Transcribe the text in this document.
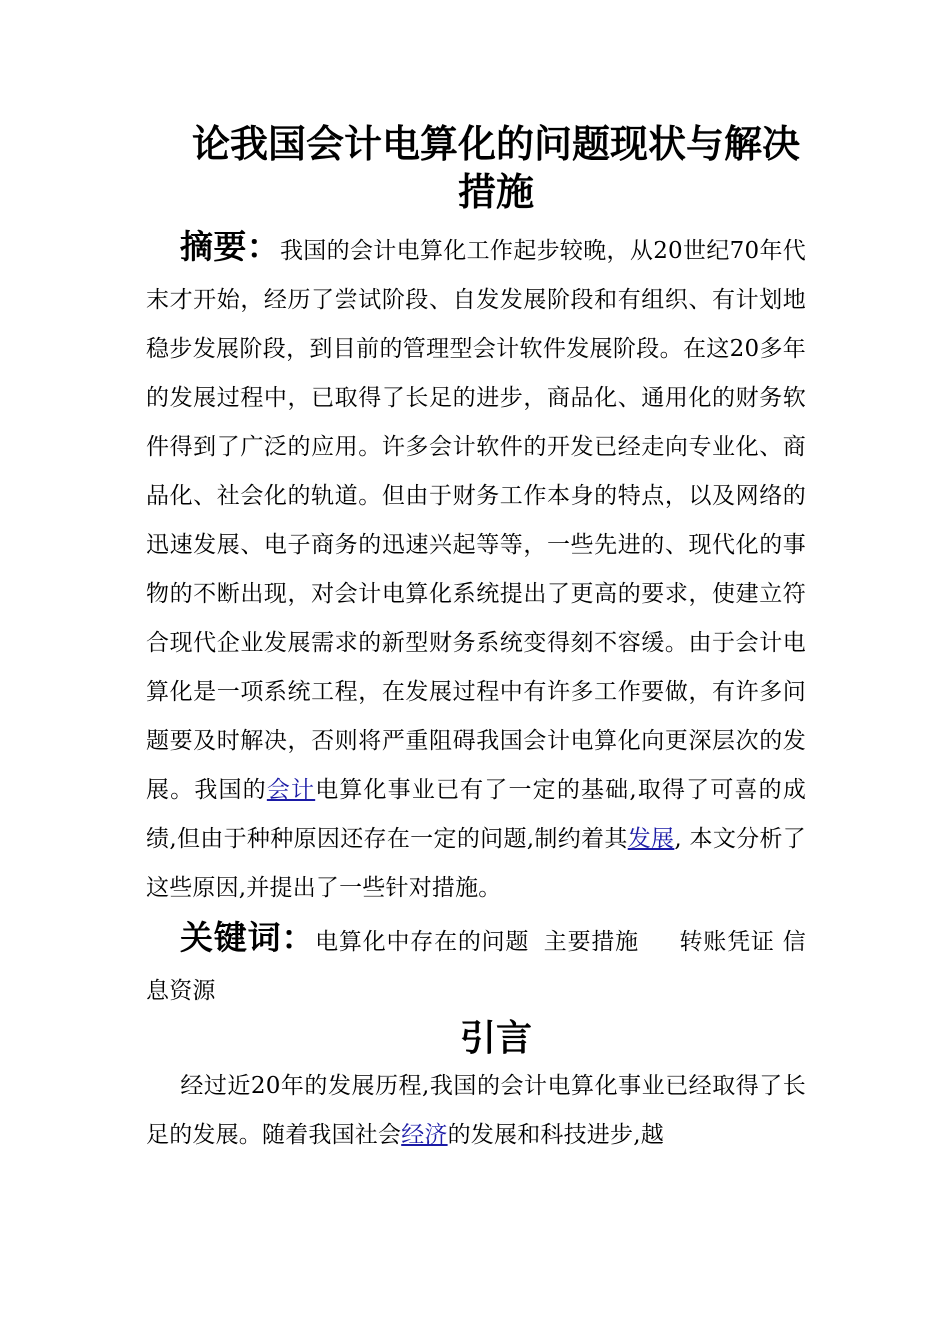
论我国会计电算化的问题现状与解决
措施

摘要：我国的会计电算化工作起步较晚，从20世纪70年代末才开始，经历了尝试阶段、自发发展阶段和有组织、有计划地稳步发展阶段，到目前的管理型会计软件发展阶段。在这20多年的发展过程中，已取得了长足的进步，商品化、通用化的财务软件得到了广泛的应用。许多会计软件的开发已经走向专业化、商品化、社会化的轨道。但由于财务工作本身的特点，以及网络的迅速发展、电子商务的迅速兴起等等，一些先进的、现代化的事物的不断出现，对会计电算化系统提出了更高的要求，使建立符合现代企业发展需求的新型财务系统变得刻不容缓。由于会计电算化是一项系统工程，在发展过程中有许多工作要做，有许多问题要及时解决，否则将严重阻碍我国会计电算化向更深层次的发展。我国的会计电算化事业已有了一定的基础,取得了可喜的成绩,但由于种种原因还存在一定的问题,制约着其发展, 本文分析了这些原因,并提出了一些针对措施。

关键词：电算化中存在的问题 主要措施 转账凭证 信息资源

引言

经过近20年的发展历程,我国的会计电算化事业已经取得了长足的发展。随着我国社会经济的发展和科技进步,越
